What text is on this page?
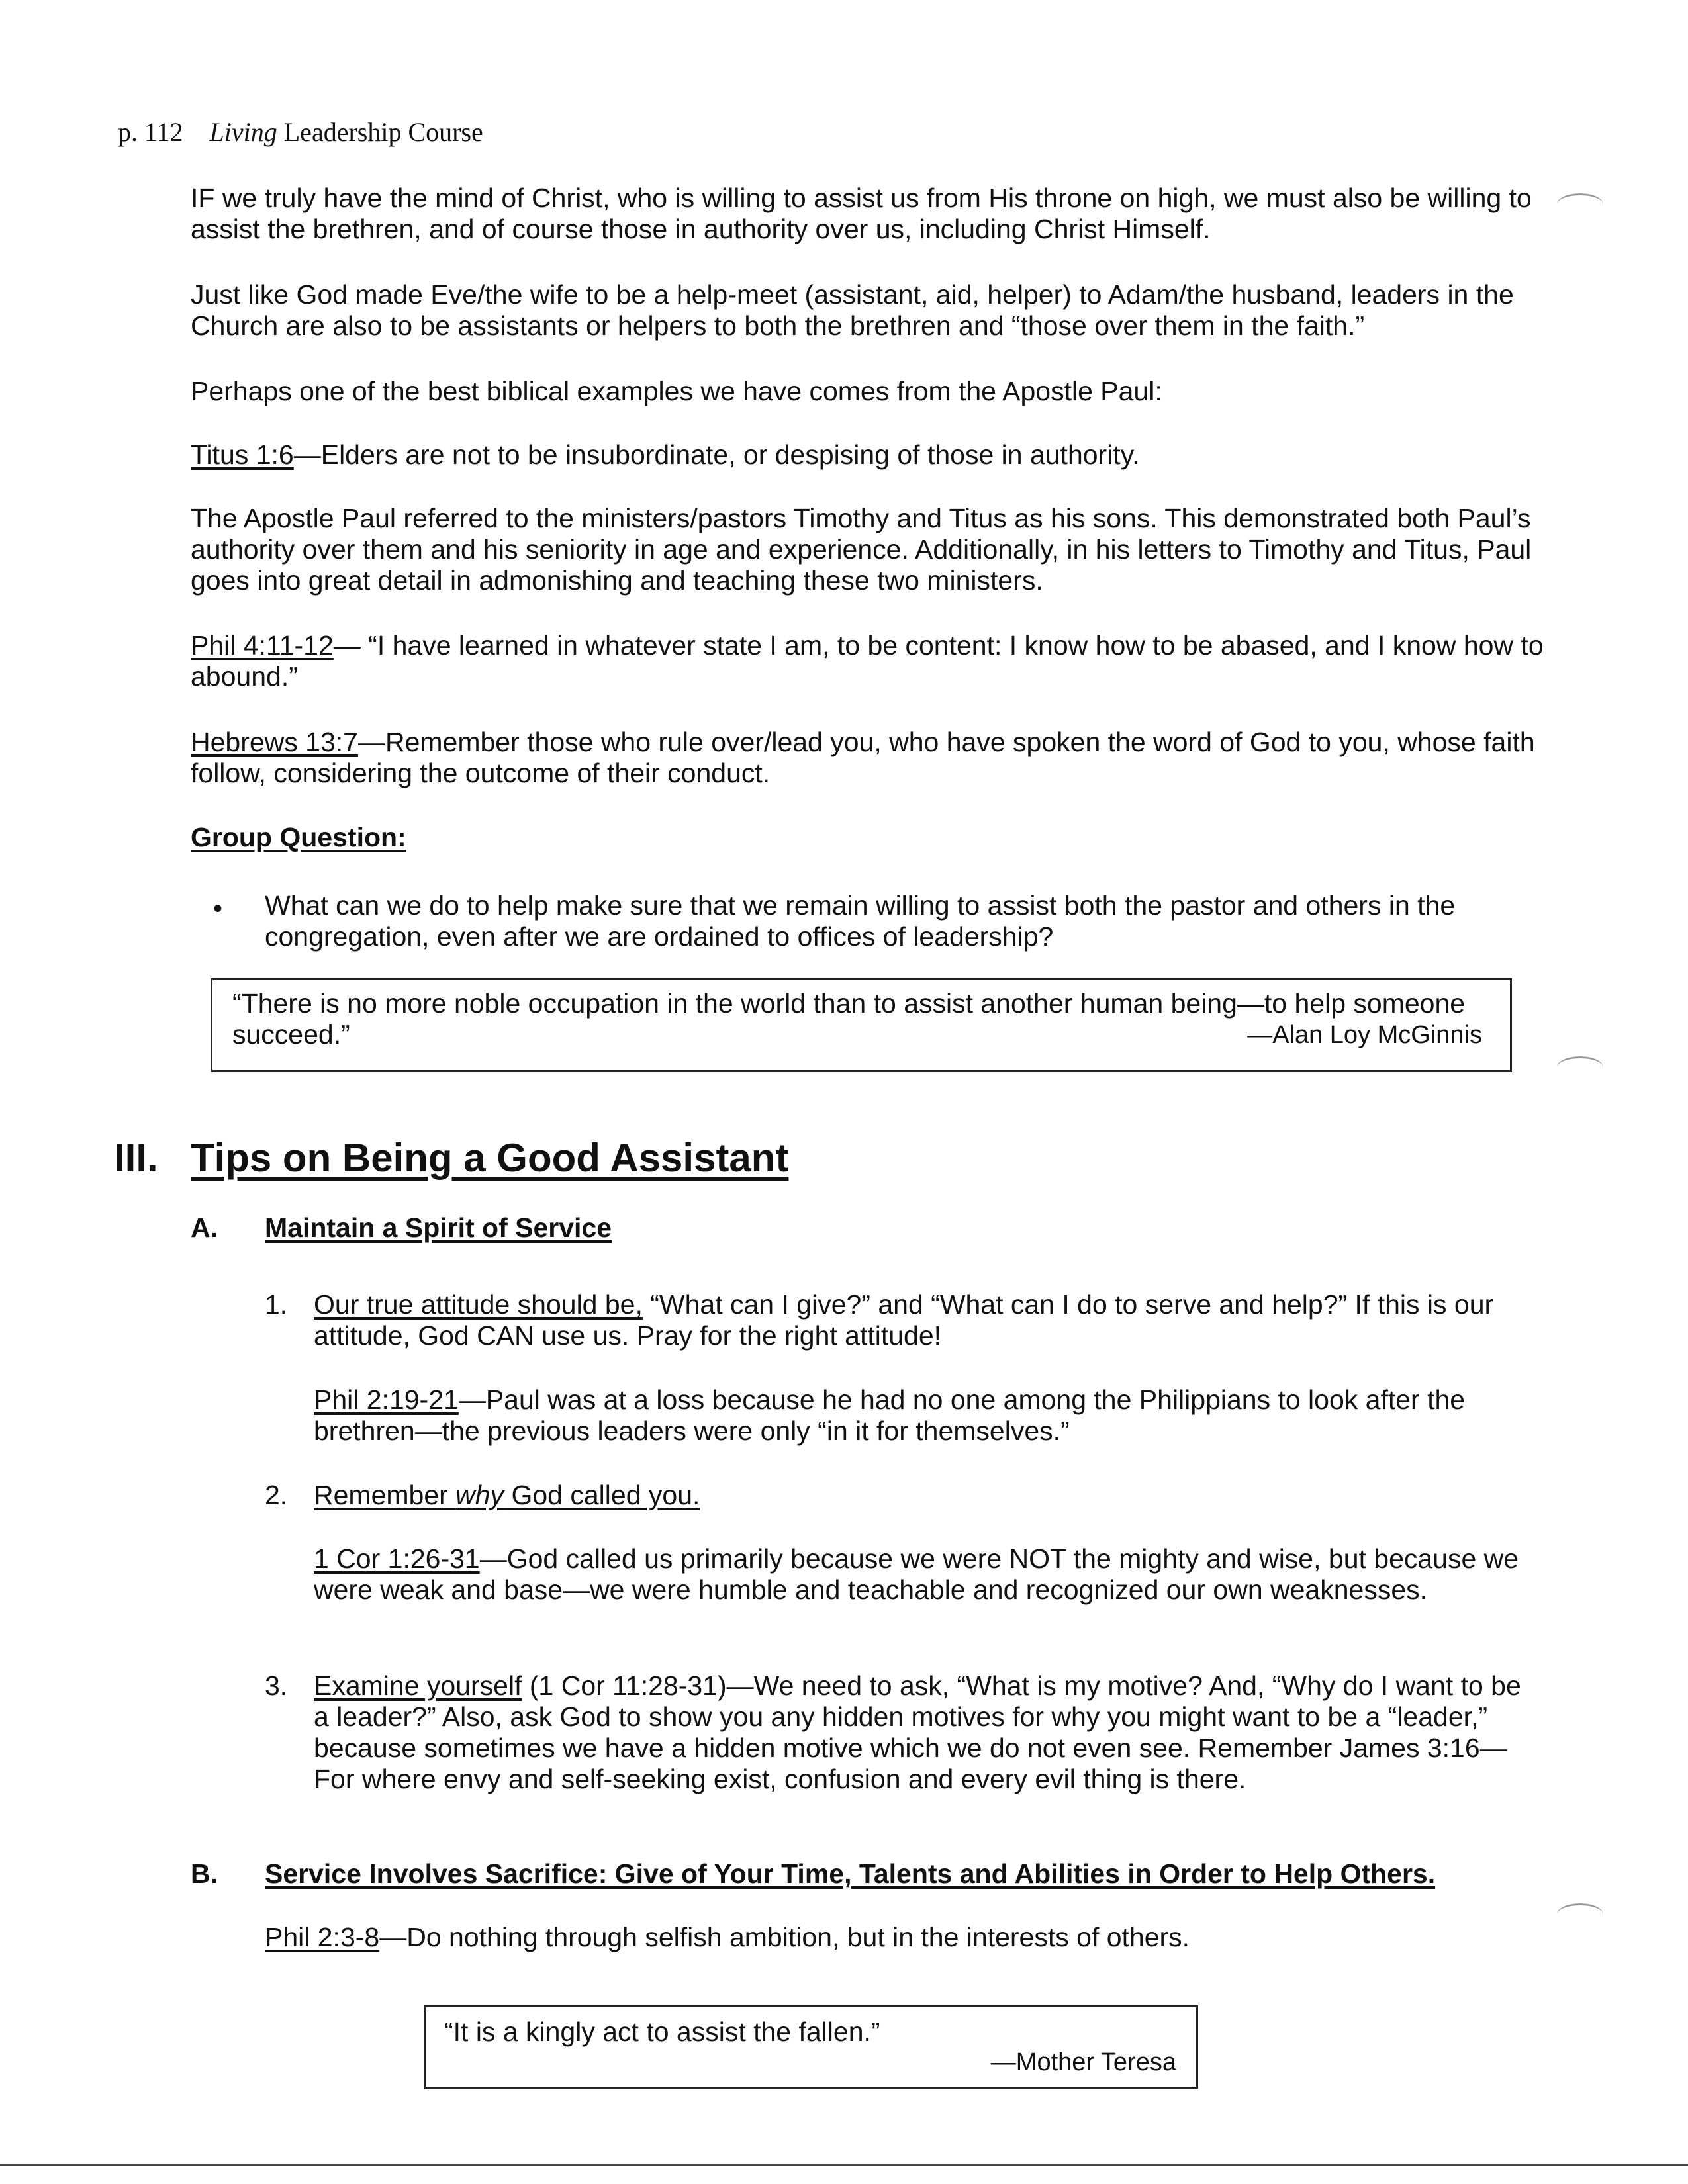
p. 112 Living Leadership Course
IF we truly have the mind of Christ, who is willing to assist us from His throne on high, we must also be willing to assist the brethren, and of course those in authority over us, including Christ Himself.
Just like God made Eve/the wife to be a help-meet (assistant, aid, helper) to Adam/the husband, leaders in the Church are also to be assistants or helpers to both the brethren and “those over them in the faith.”
Perhaps one of the best biblical examples we have comes from the Apostle Paul:
Titus 1:6—Elders are not to be insubordinate, or despising of those in authority.
The Apostle Paul referred to the ministers/pastors Timothy and Titus as his sons. This demonstrated both Paul’s authority over them and his seniority in age and experience. Additionally, in his letters to Timothy and Titus, Paul goes into great detail in admonishing and teaching these two ministers.
Phil 4:11-12— “I have learned in whatever state I am, to be content: I know how to be abased, and I know how to abound.”
Hebrews 13:7—Remember those who rule over/lead you, who have spoken the word of God to you, whose faith follow, considering the outcome of their conduct.
Group Question:
• What can we do to help make sure that we remain willing to assist both the pastor and others in the congregation, even after we are ordained to offices of leadership?
“There is no more noble occupation in the world than to assist another human being—to help someone succeed.”	—Alan Loy McGinnis
III. Tips on Being a Good Assistant
A. Maintain a Spirit of Service
1. Our true attitude should be, “What can I give?” and “What can I do to serve and help?” If this is our attitude, God CAN use us. Pray for the right attitude!
Phil 2:19-21—Paul was at a loss because he had no one among the Philippians to look after the brethren—the previous leaders were only “in it for themselves.”
2. Remember why God called you.
1 Cor 1:26-31—God called us primarily because we were NOT the mighty and wise, but because we were weak and base—we were humble and teachable and recognized our own weaknesses.
3. Examine yourself (1 Cor 11:28-31)—We need to ask, “What is my motive? And, “Why do I want to be a leader?” Also, ask God to show you any hidden motives for why you might want to be a “leader,” because sometimes we have a hidden motive which we do not even see. Remember James 3:16—For where envy and self-seeking exist, confusion and every evil thing is there.
B. Service Involves Sacrifice: Give of Your Time, Talents and Abilities in Order to Help Others.
Phil 2:3-8—Do nothing through selfish ambition, but in the interests of others.
“It is a kingly act to assist the fallen.”
—Mother Teresa
